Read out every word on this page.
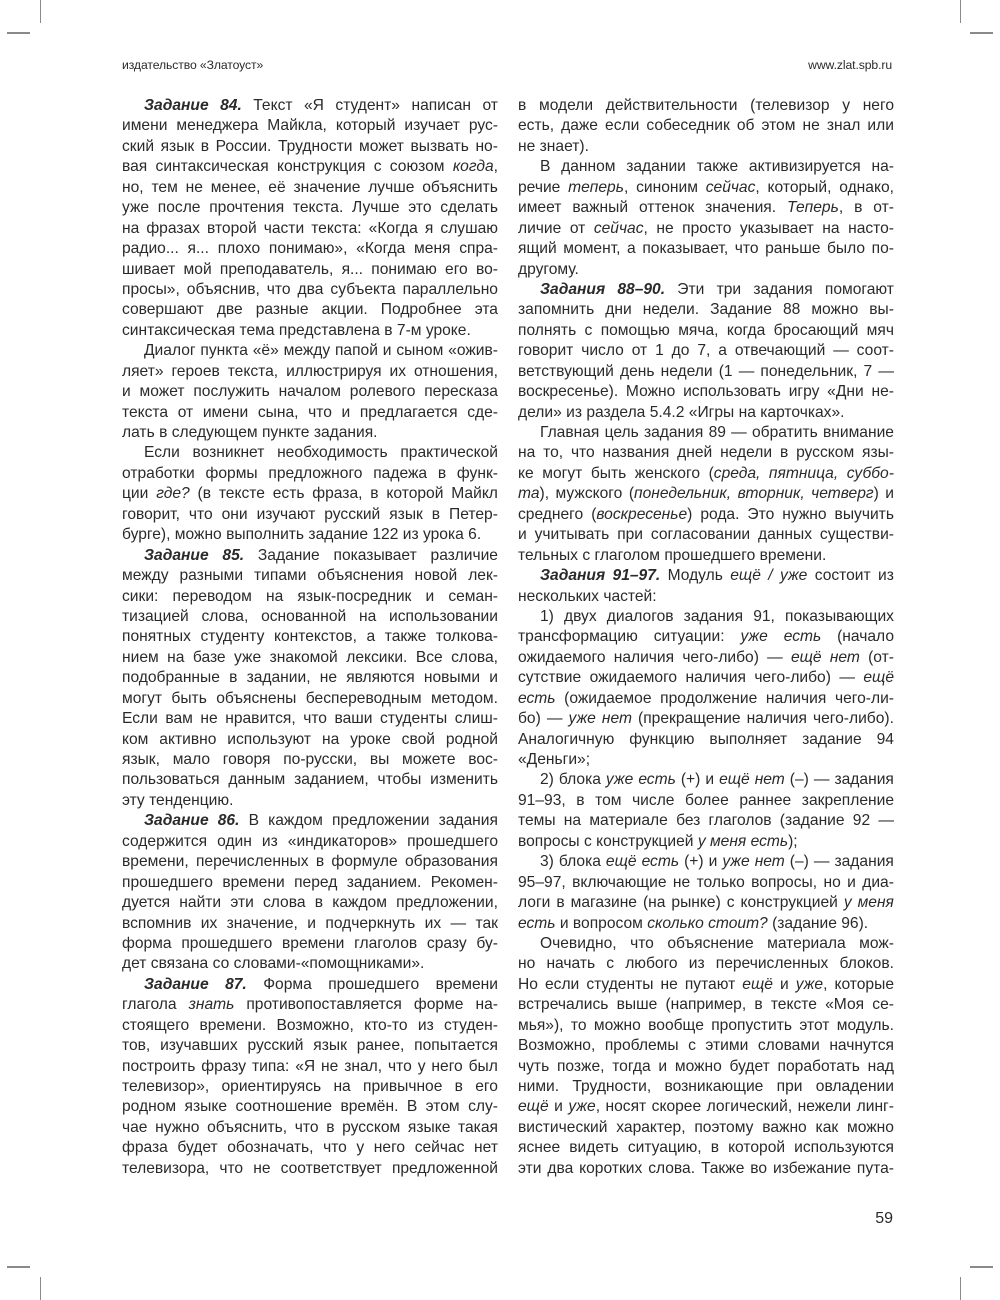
издательство «Златоуст»	www.zlat.spb.ru
Задание 84. Текст «Я студент» написан от
имени менеджера Майкла, который изучает рус-
ский язык в России. Трудности может вызвать но-
вая синтаксическая конструкция с союзом когда,
но, тем не менее, её значение лучше объяснить
уже после прочтения текста. Лучше это сделать
на фразах второй части текста: «Когда я слушаю
радио... я... плохо понимаю», «Когда меня спра-
шивает мой преподаватель, я... понимаю его во-
просы», объяснив, что два субъекта параллельно
совершают две разные акции. Подробнее эта
синтаксическая тема представлена в 7-м уроке.
Диалог пункта «ё» между папой и сыном «ожив-
ляет» героев текста, иллюстрируя их отношения,
и может послужить началом ролевого пересказа
текста от имени сына, что и предлагается сде-
лать в следующем пункте задания.
Если возникнет необходимость практической
отработки формы предложного падежа в функ-
ции где? (в тексте есть фраза, в которой Майкл
говорит, что они изучают русский язык в Петер-
бурге), можно выполнить задание 122 из урока 6.
Задание 85. Задание показывает различие
между разными типами объяснения новой лек-
сики: переводом на язык-посредник и семан-
тизацией слова, основанной на использовании
понятных студенту контекстов, а также толкова-
нием на базе уже знакомой лексики. Все слова,
подобранные в задании, не являются новыми и
могут быть объяснены беспереводным методом.
Если вам не нравится, что ваши студенты слиш-
ком активно используют на уроке свой родной
язык, мало говоря по-русски, вы можете вос-
пользоваться данным заданием, чтобы изменить
эту тенденцию.
Задание 86. В каждом предложении задания
содержится один из «индикаторов» прошедшего
времени, перечисленных в формуле образования
прошедшего времени перед заданием. Рекомен-
дуется найти эти слова в каждом предложении,
вспомнив их значение, и подчеркнуть их — так
форма прошедшего времени глаголов сразу бу-
дет связана со словами-«помощниками».
Задание 87. Форма прошедшего времени
глагола знать противопоставляется форме на-
стоящего времени. Возможно, кто-то из студен-
тов, изучавших русский язык ранее, попытается
построить фразу типа: «Я не знал, что у него был
телевизор», ориентируясь на привычное в его
родном языке соотношение времён. В этом слу-
чае нужно объяснить, что в русском языке такая
фраза будет обозначать, что у него сейчас нет
телевизора, что не соответствует предложенной
в модели действительности (телевизор у него
есть, даже если собеседник об этом не знал или
не знает).
В данном задании также активизируется на-
речие теперь, синоним сейчас, который, однако,
имеет важный оттенок значения. Теперь, в от-
личие от сейчас, не просто указывает на насто-
ящий момент, а показывает, что раньше было по-
другому.
Задания 88–90. Эти три задания помогают
запомнить дни недели. Задание 88 можно вы-
полнять с помощью мяча, когда бросающий мяч
говорит число от 1 до 7, а отвечающий — соот-
ветствующий день недели (1 — понедельник, 7 —
воскресенье). Можно использовать игру «Дни не-
дели» из раздела 5.4.2 «Игры на карточках».
Главная цель задания 89 — обратить внимание
на то, что названия дней недели в русском язы-
ке могут быть женского (среда, пятница, суббо-
та), мужского (понедельник, вторник, четверг) и
среднего (воскресенье) рода. Это нужно выучить
и учитывать при согласовании данных существи-
тельных с глаголом прошедшего времени.
Задания 91–97. Модуль ещё / уже состоит из
нескольких частей:
1) двух диалогов задания 91, показывающих
трансформацию ситуации: уже есть (начало
ожидаемого наличия чего-либо) — ещё нет (от-
сутствие ожидаемого наличия чего-либо) — ещё
есть (ожидаемое продолжение наличия чего-ли-
бо) — уже нет (прекращение наличия чего-либо).
Аналогичную функцию выполняет задание 94
«Деньги»;
2) блока уже есть (+) и ещё нет (–) — задания
91–93, в том числе более раннее закрепление
темы на материале без глаголов (задание 92 —
вопросы с конструкцией у меня есть);
3) блока ещё есть (+) и уже нет (–) — задания
95–97, включающие не только вопросы, но и диа-
логи в магазине (на рынке) с конструкцией у меня
есть и вопросом сколько стоит? (задание 96).
Очевидно, что объяснение материала мож-
но начать с любого из перечисленных блоков.
Но если студенты не путают ещё и уже, которые
встречались выше (например, в тексте «Моя се-
мья»), то можно вообще пропустить этот модуль.
Возможно, проблемы с этими словами начнутся
чуть позже, тогда и можно будет поработать над
ними. Трудности, возникающие при овладении
ещё и уже, носят скорее логический, нежели линг-
вистический характер, поэтому важно как можно
яснее видеть ситуацию, в которой используются
эти два коротких слова. Также во избежание пута-
59
